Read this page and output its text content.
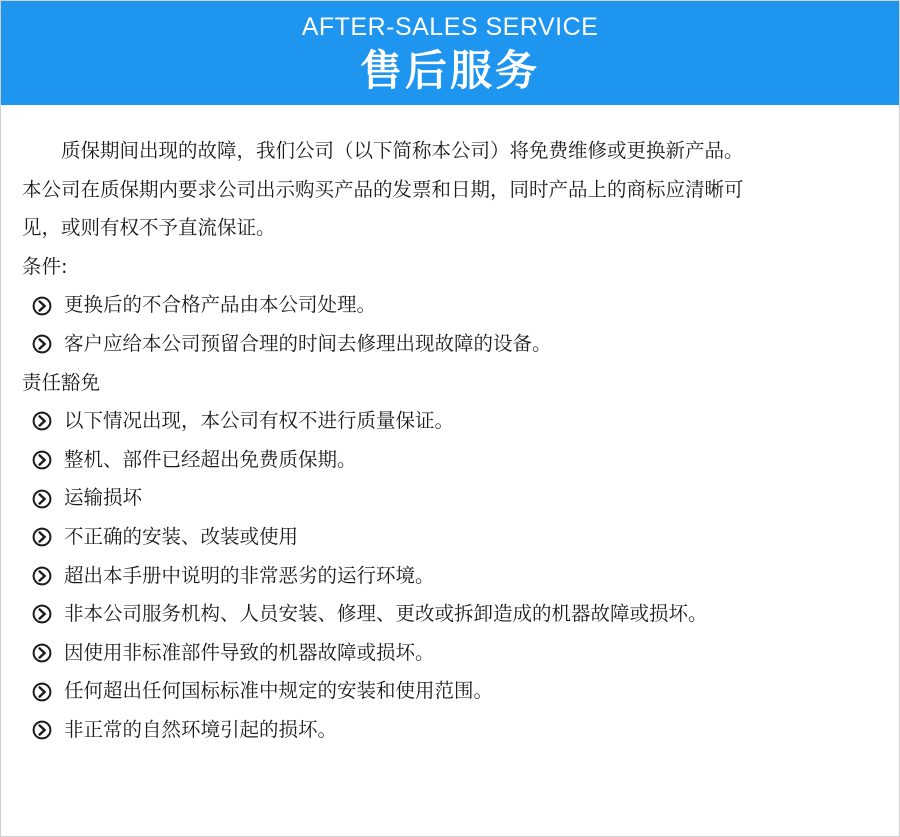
AFTER-SALES SERVICE
售后服务
质保期间出现的故障，我们公司（以下简称本公司）将免费维修或更换新产品。
本公司在质保期内要求公司出示购买产品的发票和日期，同时产品上的商标应清晰可
见，或则有权不予直流保证。
条件:
更换后的不合格产品由本公司处理。
客户应给本公司预留合理的时间去修理出现故障的设备。
责任豁免
以下情况出现，本公司有权不进行质量保证。
整机、部件已经超出免费质保期。
运输损坏
不正确的安装、改装或使用
超出本手册中说明的非常恶劣的运行环境。
非本公司服务机构、人员安装、修理、更改或拆卸造成的机器故障或损坏。
因使用非标准部件导致的机器故障或损坏。
任何超出任何国标标准中规定的安装和使用范围。
非正常的自然环境引起的损坏。
